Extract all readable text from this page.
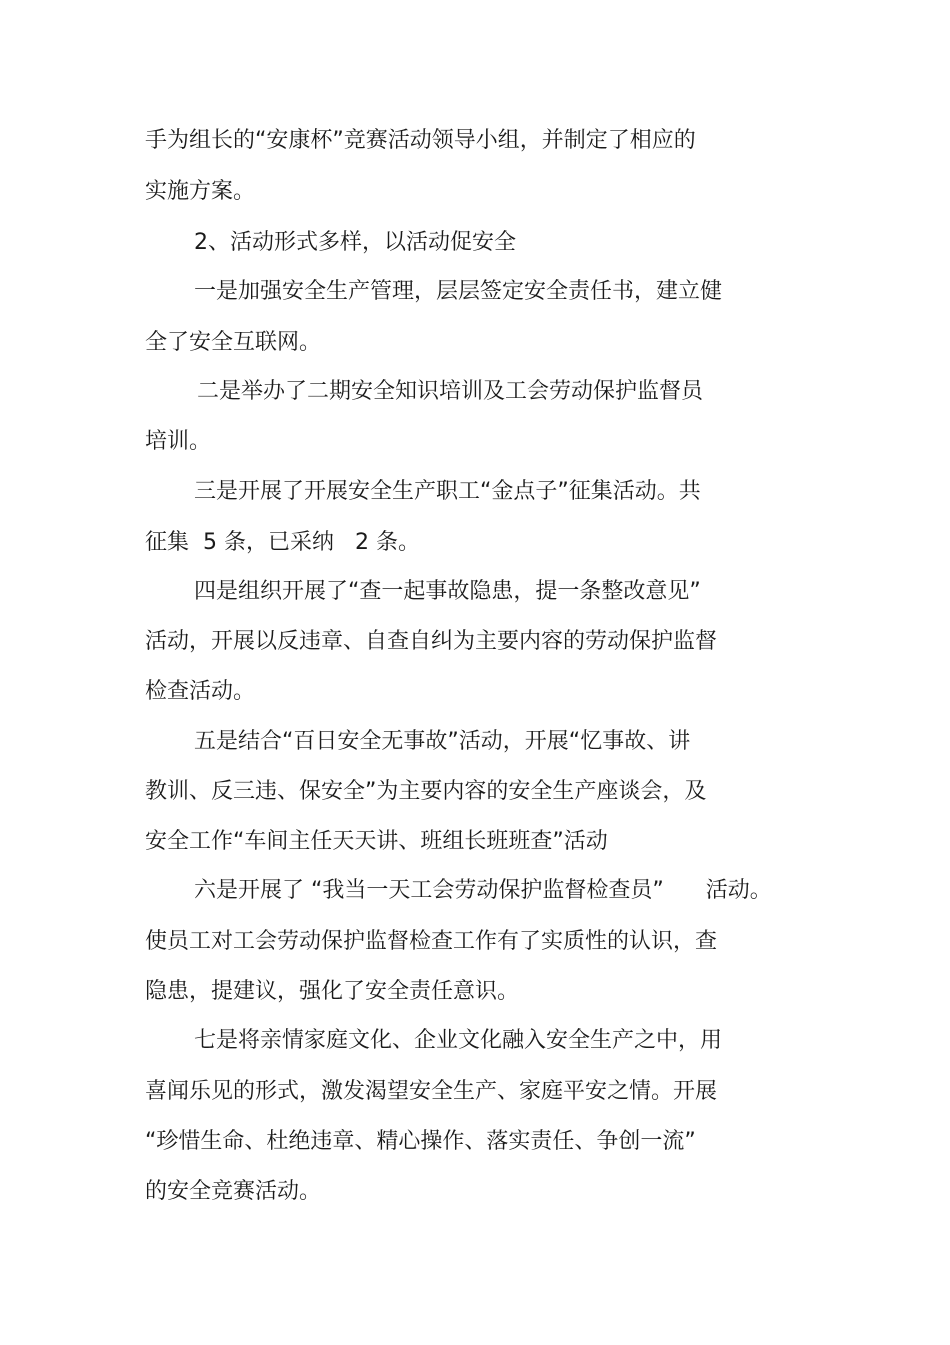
手为组长的“安康杯”竞赛活动领导小组，并制定了相应的
实施方案。
2、活动形式多样，以活动促安全
一是加强安全生产管理，层层签定安全责任书，建立健
全了安全互联网。
二是举办了二期安全知识培训及工会劳动保护监督员
培训。
三是开展了开展安全生产职工“金点子”征集活动。共
征集  5 条，已采纳   2 条。
四是组织开展了“查一起事故隐患，提一条整改意见”
活动，开展以反违章、自查自纠为主要内容的劳动保护监督
检查活动。
五是结合“百日安全无事故”活动，开展“忆事故、讲
教训、反三违、保安全”为主要内容的安全生产座谈会，及
安全工作“车间主任天天讲、班组长班班查”活动
六是开展了 “我当一天工会劳动保护监督检查员”      活动。
使员工对工会劳动保护监督检查工作有了实质性的认识，查
隐患，提建议，强化了安全责任意识。
七是将亲情家庭文化、企业文化融入安全生产之中，用
喜闻乐见的形式，激发渴望安全生产、家庭平安之情。开展
“珍惜生命、杜绝违章、精心操作、落实责任、争创一流”
的安全竞赛活动。
